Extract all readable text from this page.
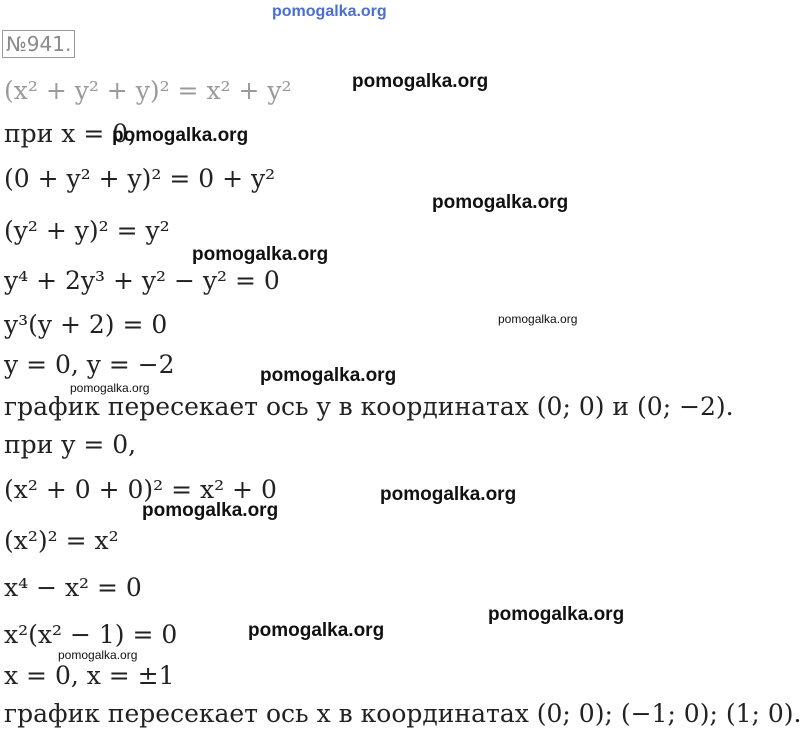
pomogalka.org
№941.
(x² + y² + y)² = x² + y²
при x = 0,
(0 + y² + y)² = 0 + y²
(y² + y)² = y²
y⁴ + 2y³ + y² − y² = 0
y³(y + 2) = 0
y = 0, y = −2
график пересекает ось y в координатах (0; 0) и (0; −2).
при y = 0,
(x² + 0 + 0)² = x² + 0
(x²)² = x²
x⁴ − x² = 0
x²(x² − 1) = 0
x = 0, x = ±1
график пересекает ось x в координатах (0; 0); (−1; 0); (1; 0).
pomogalka.org
pomogalka.org
pomogalka.org
pomogalka.org
pomogalka.org
pomogalka.org
pomogalka.org
pomogalka.org
pomogalka.org
pomogalka.org
pomogalka.org
pomogalka.org
